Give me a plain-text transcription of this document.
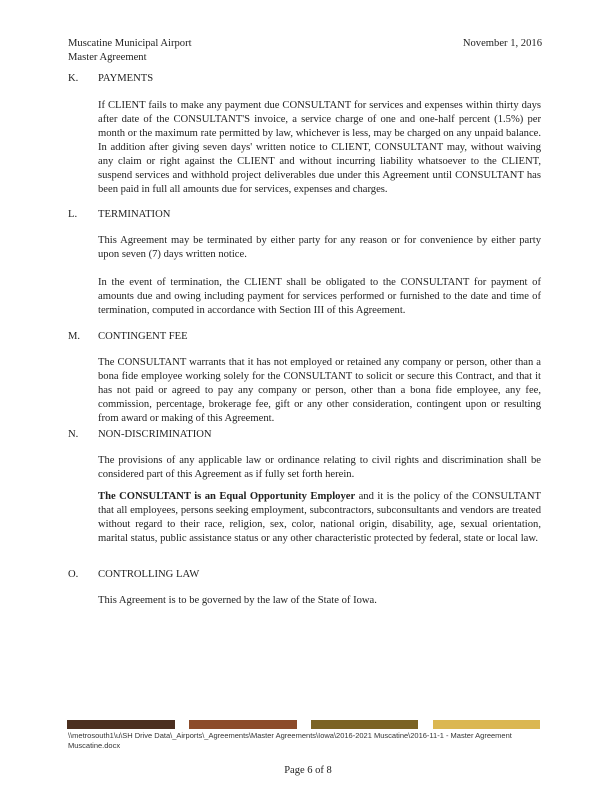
Muscatine Municipal Airport
Master Agreement
November 1, 2016
K. PAYMENTS
If CLIENT fails to make any payment due CONSULTANT for services and expenses within thirty days after date of the CONSULTANT'S invoice, a service charge of one and one-half percent (1.5%) per month or the maximum rate permitted by law, whichever is less, may be charged on any unpaid balance. In addition after giving seven days' written notice to CLIENT, CONSULTANT may, without waiving any claim or right against the CLIENT and without incurring liability whatsoever to the CLIENT, suspend services and withhold project deliverables due under this Agreement until CONSULTANT has been paid in full all amounts due for services, expenses and charges.
L. TERMINATION
This Agreement may be terminated by either party for any reason or for convenience by either party upon seven (7) days written notice.
In the event of termination, the CLIENT shall be obligated to the CONSULTANT for payment of amounts due and owing including payment for services performed or furnished to the date and time of termination, computed in accordance with Section III of this Agreement.
M. CONTINGENT FEE
The CONSULTANT warrants that it has not employed or retained any company or person, other than a bona fide employee working solely for the CONSULTANT to solicit or secure this Contract, and that it has not paid or agreed to pay any company or person, other than a bona fide employee, any fee, commission, percentage, brokerage fee, gift or any other consideration, contingent upon or resulting from award or making of this Agreement.
N. NON-DISCRIMINATION
The provisions of any applicable law or ordinance relating to civil rights and discrimination shall be considered part of this Agreement as if fully set forth herein.
The CONSULTANT is an Equal Opportunity Employer and it is the policy of the CONSULTANT that all employees, persons seeking employment, subcontractors, subconsultants and vendors are treated without regard to their race, religion, sex, color, national origin, disability, age, sexual orientation, marital status, public assistance status or any other characteristic protected by federal, state or local law.
O. CONTROLLING LAW
This Agreement is to be governed by the law of the State of Iowa.
\\metrosouth1\u\SH Drive Data\_Airports\_Agreements\Master Agreements\Iowa\2016-2021 Muscatine\2016-11-1 - Master Agreement Muscatine.docx
Page 6 of 8
